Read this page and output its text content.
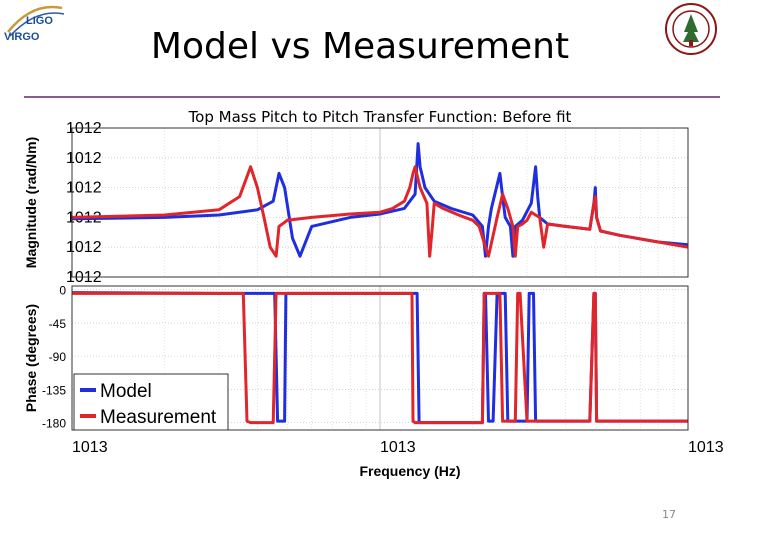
LIGO
VIRGO	Model vs Measurement
Top Mass Pitch to Pitch Transfer Function: Before fit
1012
1012
1012
1012
1012
1012
Magnitude (rad/Nm)
0
-45
-90
-135
-180
Phase (degrees)
1013	1013	1013
Frequency (Hz)
Model
Measurement
17
